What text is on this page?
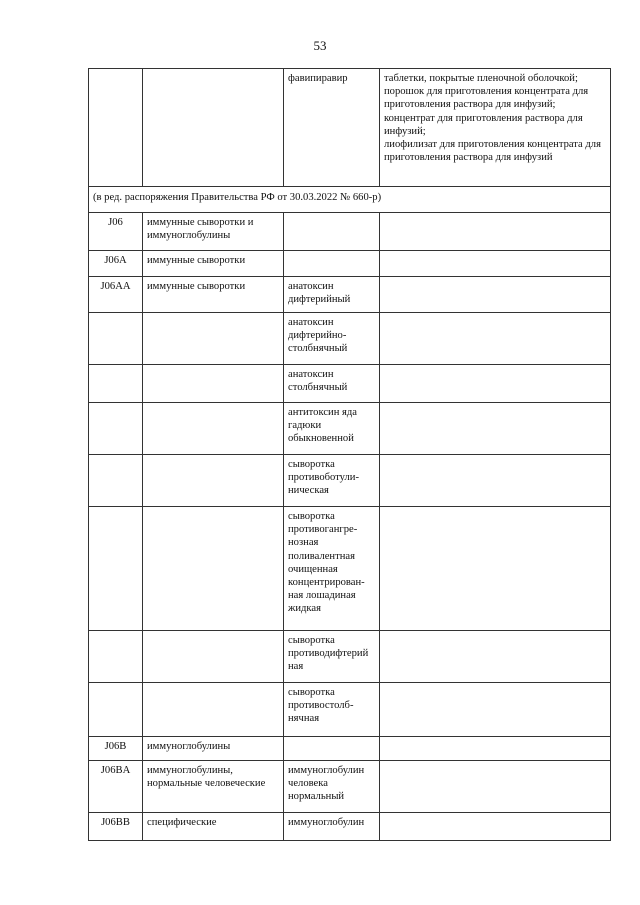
53
		фавипиравир	таблетки, покрытые пленочной оболочкой;
порошок для приготовления концентрата для приготовления раствора для инфузий;
концентрат для приготовления раствора для инфузий;
лиофилизат для приготовления концентрата для приготовления раствора для инфузий
(в ред. распоряжения Правительства РФ от 30.03.2022 № 660-р)			
J06	иммунные сыворотки и иммуноглобулины		
J06A	иммунные сыворотки		
J06AA	иммунные сыворотки	анатоксин дифтерийный	
		анатоксин дифтерийно-столбнячный	
		анатоксин столбнячный	
		антитоксин яда гадюки обыкновенной	
		сыворотка противоботули-ническая	
		сыворотка противогангре-нозная поливалентная очищенная концентрирован-ная лошадиная жидкая	
		сыворотка противодифтерий ная	
		сыворотка противостолб-нячная	
J06B	иммуноглобулины		
J06BA	иммуноглобулины, нормальные человеческие	иммуноглобулин человека нормальный	
J06BB	специфические	иммуноглобулин	
